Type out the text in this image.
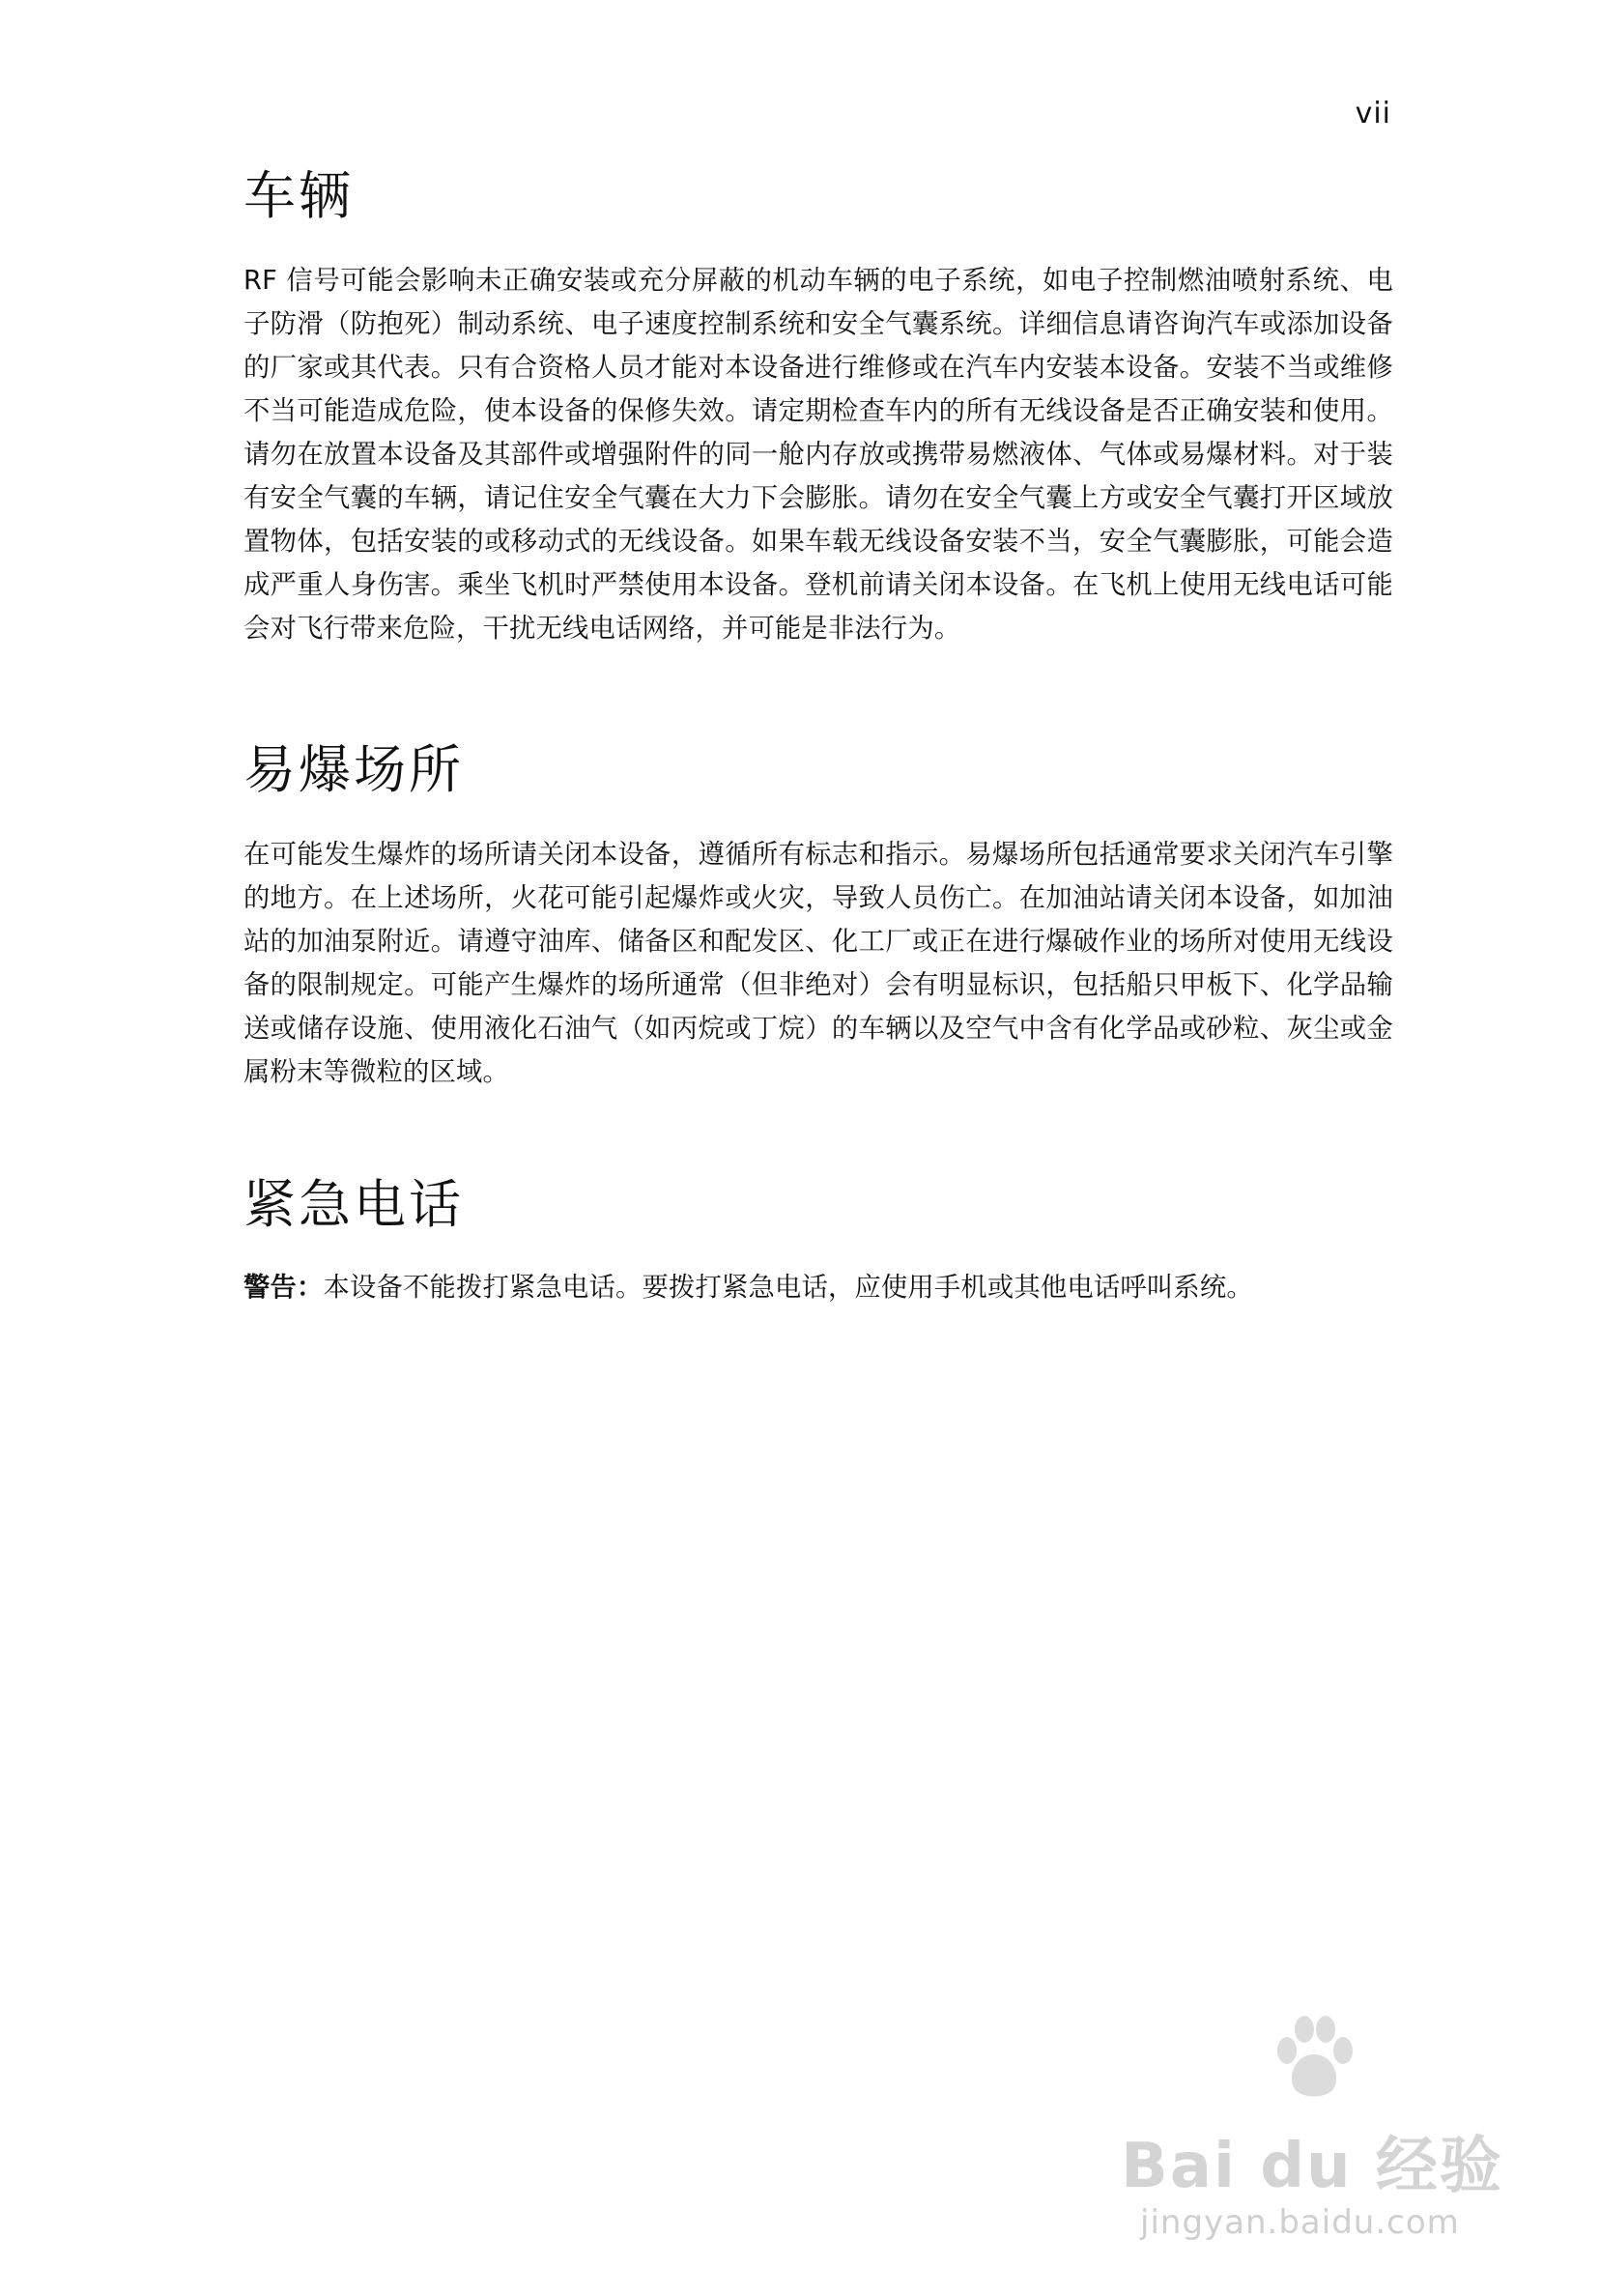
vii
车辆

RF 信号可能会影响未正确安装或充分屏蔽的机动车辆的电子系统，如电子控制燃油喷射系统、电子防滑（防抱死）制动系统、电子速度控制系统和安全气囊系统。详细信息请咨询汽车或添加设备的厂家或其代表。只有合资格人员才能对本设备进行维修或在汽车内安装本设备。安装不当或维修不当可能造成危险，使本设备的保修失效。请定期检查车内的所有无线设备是否正确安装和使用。请勿在放置本设备及其部件或增强附件的同一舱内存放或携带易燃液体、气体或易爆材料。对于装有安全气囊的车辆，请记住安全气囊在大力下会膨胀。请勿在安全气囊上方或安全气囊打开区域放置物体，包括安装的或移动式的无线设备。如果车载无线设备安装不当，安全气囊膨胀，可能会造成严重人身伤害。乘坐飞机时严禁使用本设备。登机前请关闭本设备。在飞机上使用无线电话可能会对飞行带来危险，干扰无线电话网络，并可能是非法行为。

易爆场所

在可能发生爆炸的场所请关闭本设备，遵循所有标志和指示。易爆场所包括通常要求关闭汽车引擎的地方。在上述场所，火花可能引起爆炸或火灾，导致人员伤亡。在加油站请关闭本设备，如加油站的加油泵附近。请遵守油库、储备区和配发区、化工厂或正在进行爆破作业的场所对使用无线设备的限制规定。可能产生爆炸的场所通常（但非绝对）会有明显标识，包括船只甲板下、化学品输送或储存设施、使用液化石油气（如丙烷或丁烷）的车辆以及空气中含有化学品或砂粒、灰尘或金属粉末等微粒的区域。

紧急电话

警告：本设备不能拨打紧急电话。要拨打紧急电话，应使用手机或其他电话呼叫系统。

Bai du 经验
jingyan.baidu.com
